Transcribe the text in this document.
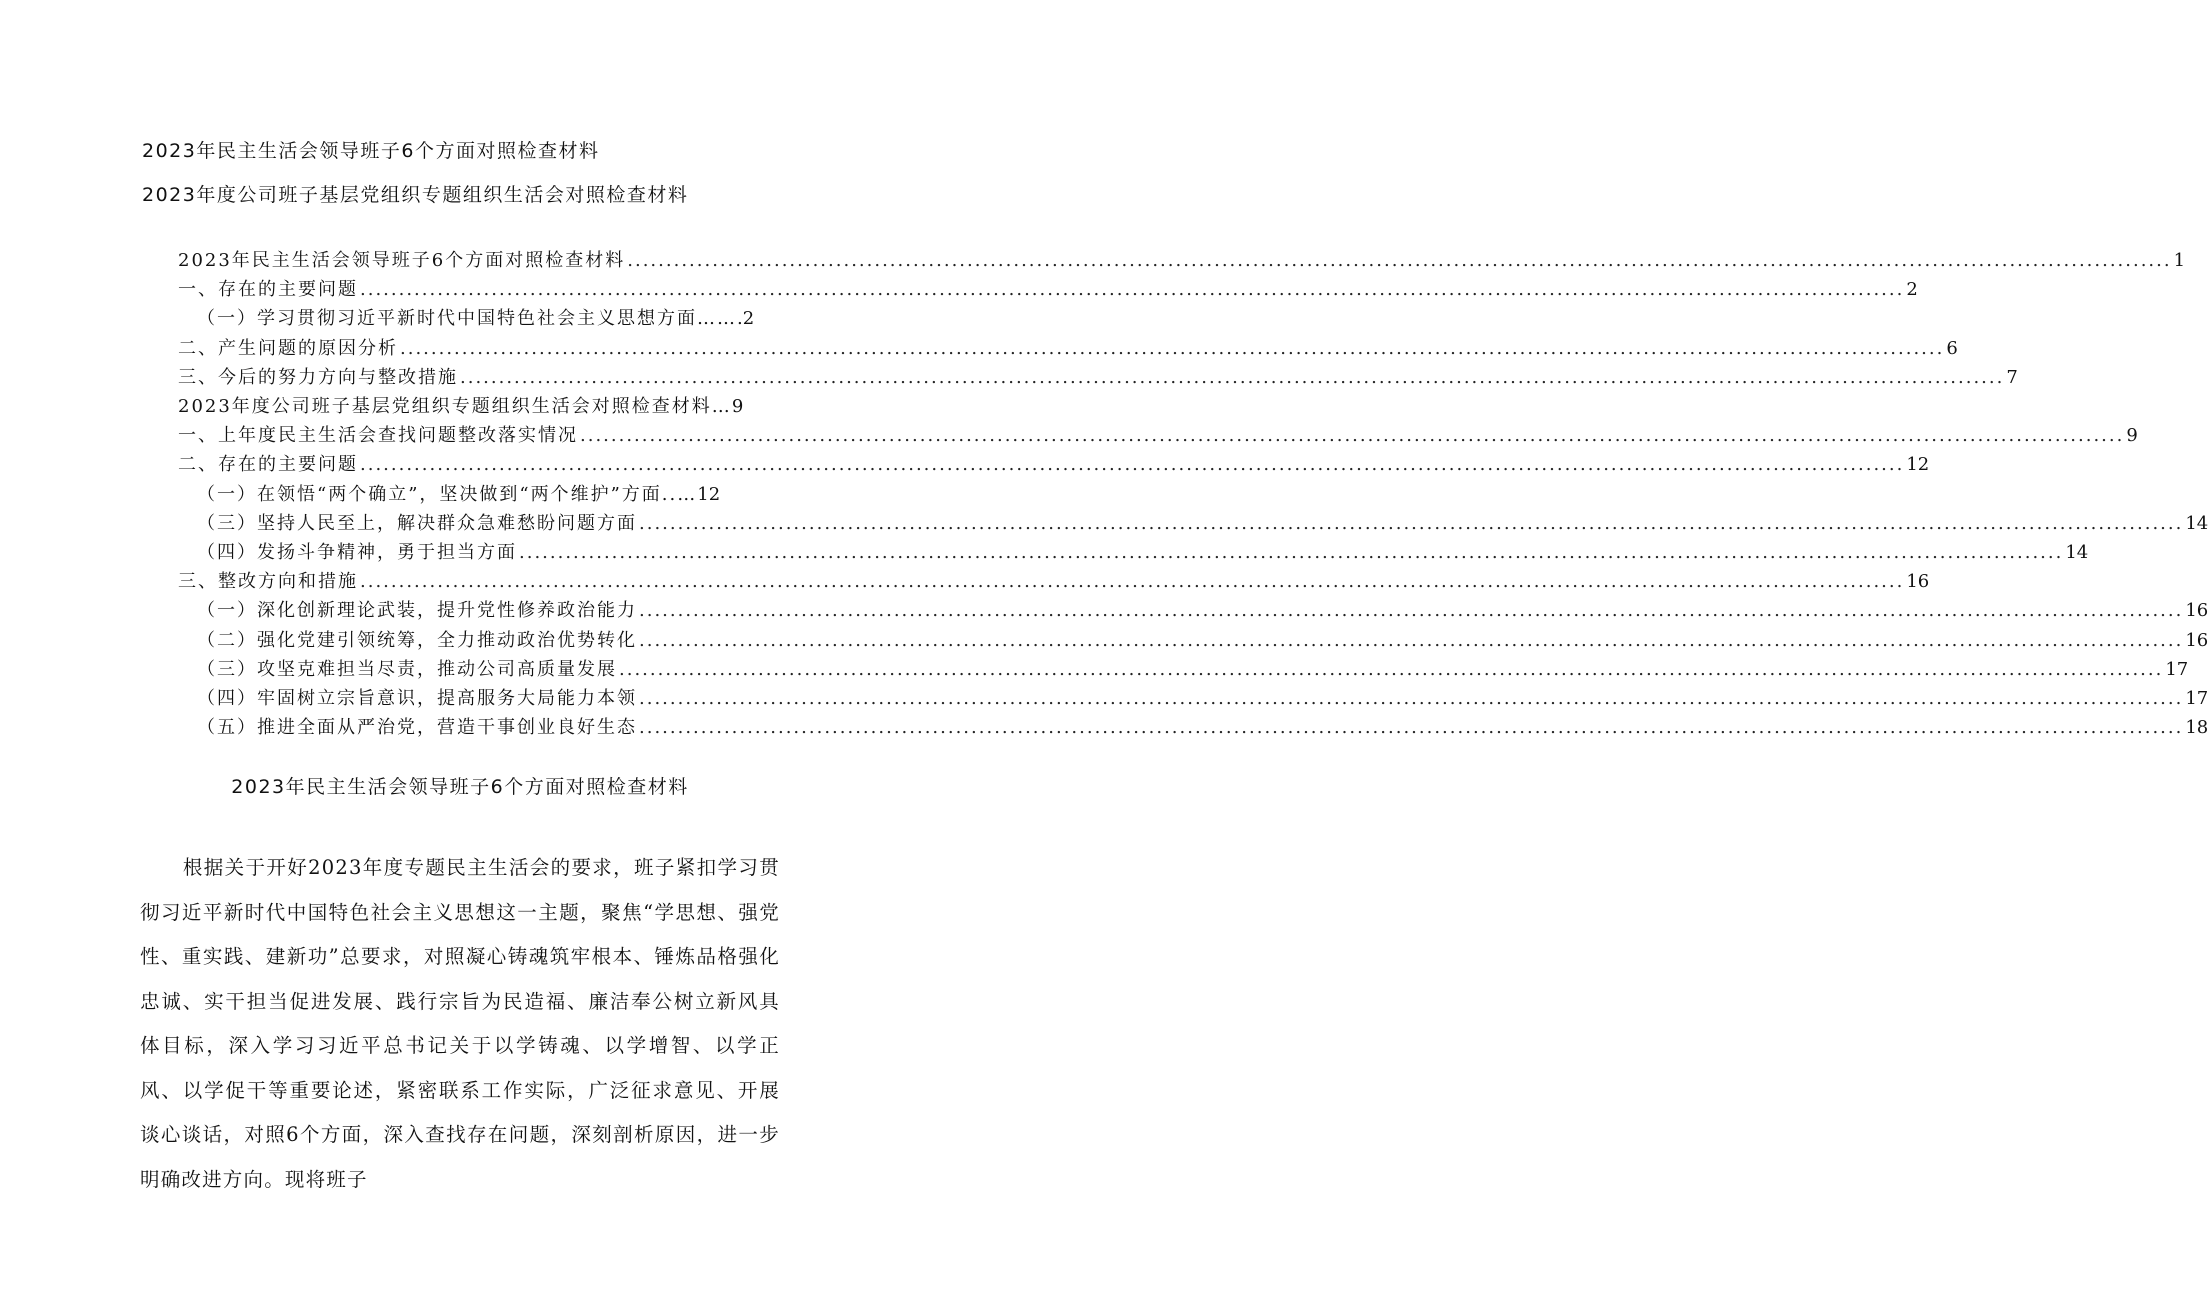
2023年民主生活会领导班子6个方面对照检查材料
2023年度公司班子基层党组织专题组织生活会对照检查材料
2023年民主生活会领导班子6个方面对照检查材料 ........................................................................................................................................................................................................ 1
一、存在的主要问题 ........................................................................................................................................................................................................ 2
（一）学习贯彻习近平新时代中国特色社会主义思想方面…… .2
二、产生问题的原因分析 ........................................................................................................................................................................................................ 6
三、今后的努力方向与整改措施 ........................................................................................................................................................................................................ 7
2023年度公司班子基层党组织专题组织生活会对照检查材料… 9
一、上年度民主生活会查找问题整改落实情况 ........................................................................................................................................................................................................ 9
二、存在的主要问题 ........................................................................................................................................................................................................ 12
（一）在领悟“两个确立”，坚决做到“两个维护”方面..… 12
（三）坚持人民至上，解决群众急难愁盼问题方面 ........................................................................................................................................................................................................ 14
（四）发扬斗争精神，勇于担当方面 ........................................................................................................................................................................................................ 14
三、整改方向和措施 ........................................................................................................................................................................................................ 16
（一）深化创新理论武装，提升党性修养政治能力 ........................................................................................................................................................................................................ 16
（二）强化党建引领统筹，全力推动政治优势转化 ........................................................................................................................................................................................................ 16
（三）攻坚克难担当尽责，推动公司高质量发展 ........................................................................................................................................................................................................ 17
（四）牢固树立宗旨意识，提高服务大局能力本领 ........................................................................................................................................................................................................ 17
（五）推进全面从严治党，营造干事创业良好生态 ........................................................................................................................................................................................................ 18
2023年民主生活会领导班子6个方面对照检查材料

根据关于开好2023年度专题民主生活会的要求，班子紧扣学习贯彻习近平新时代中国特色社会主义思想这一主题，聚焦“学思想、强党性、重实践、建新功”总要求，对照凝心铸魂筑牢根本、锤炼品格强化忠诚、实干担当促进发展、践行宗旨为民造福、廉洁奉公树立新风具体目标，深入学习习近平总书记关于以学铸魂、以学增智、以学正风、以学促干等重要论述，紧密联系工作实际，广泛征求意见、开展谈心谈话，对照6个方面，深入查找存在问题，深刻剖析原因，进一步明确改进方向。现将班子
